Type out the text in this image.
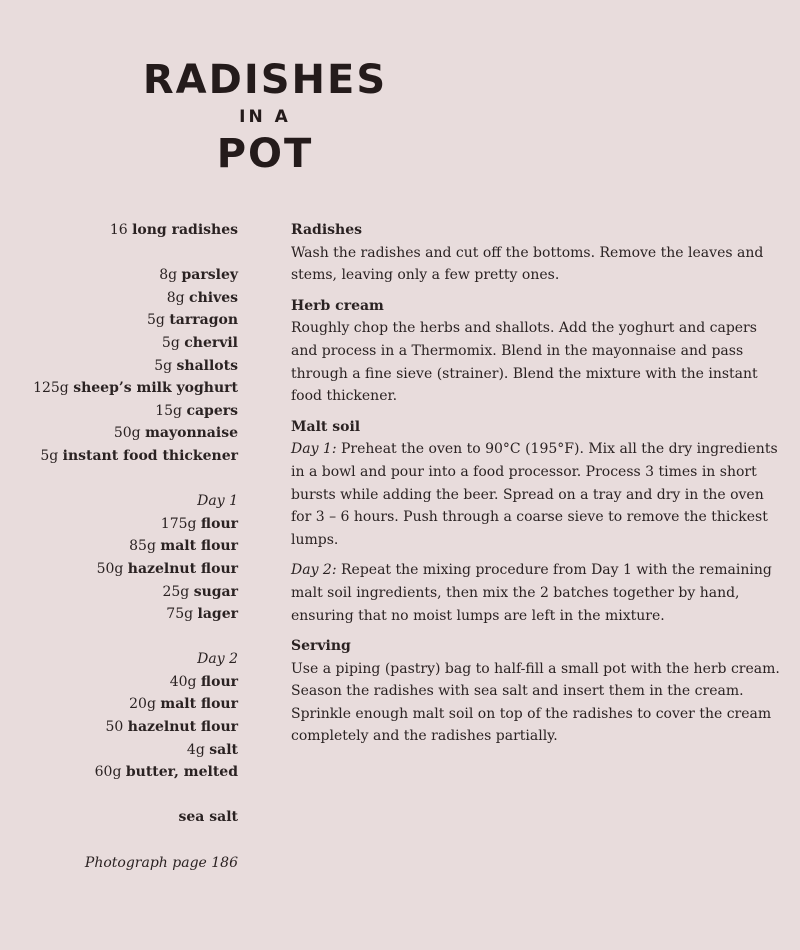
RADISHES
IN A
POT
16 long radishes
8g parsley
8g chives
5g tarragon
5g chervil
5g shallots
125g sheep’s milk yoghurt
15g capers
50g mayonnaise
5g instant food thickener
Day 1
175g flour
85g malt flour
50g hazelnut flour
25g sugar
75g lager
Day 2
40g flour
20g malt flour
50 hazelnut flour
4g salt
60g butter, melted
sea salt
Photograph page 186
Radishes
Wash the radishes and cut off the bottoms. Remove the leaves and stems, leaving only a few pretty ones.
Herb cream
Roughly chop the herbs and shallots. Add the yoghurt and capers and process in a Thermomix. Blend in the mayonnaise and pass through a fine sieve (strainer). Blend the mixture with the instant food thickener.
Malt soil
Day 1: Preheat the oven to 90°C (195°F). Mix all the dry ingredients in a bowl and pour into a food processor. Process 3 times in short bursts while adding the beer. Spread on a tray and dry in the oven for 3 – 6 hours. Push through a coarse sieve to remove the thickest lumps.
Day 2: Repeat the mixing procedure from Day 1 with the remaining malt soil ingredients, then mix the 2 batches together by hand, ensuring that no moist lumps are left in the mixture.
Serving
Use a piping (pastry) bag to half-fill a small pot with the herb cream. Season the radishes with sea salt and insert them in the cream. Sprinkle enough malt soil on top of the radishes to cover the cream completely and the radishes partially.
